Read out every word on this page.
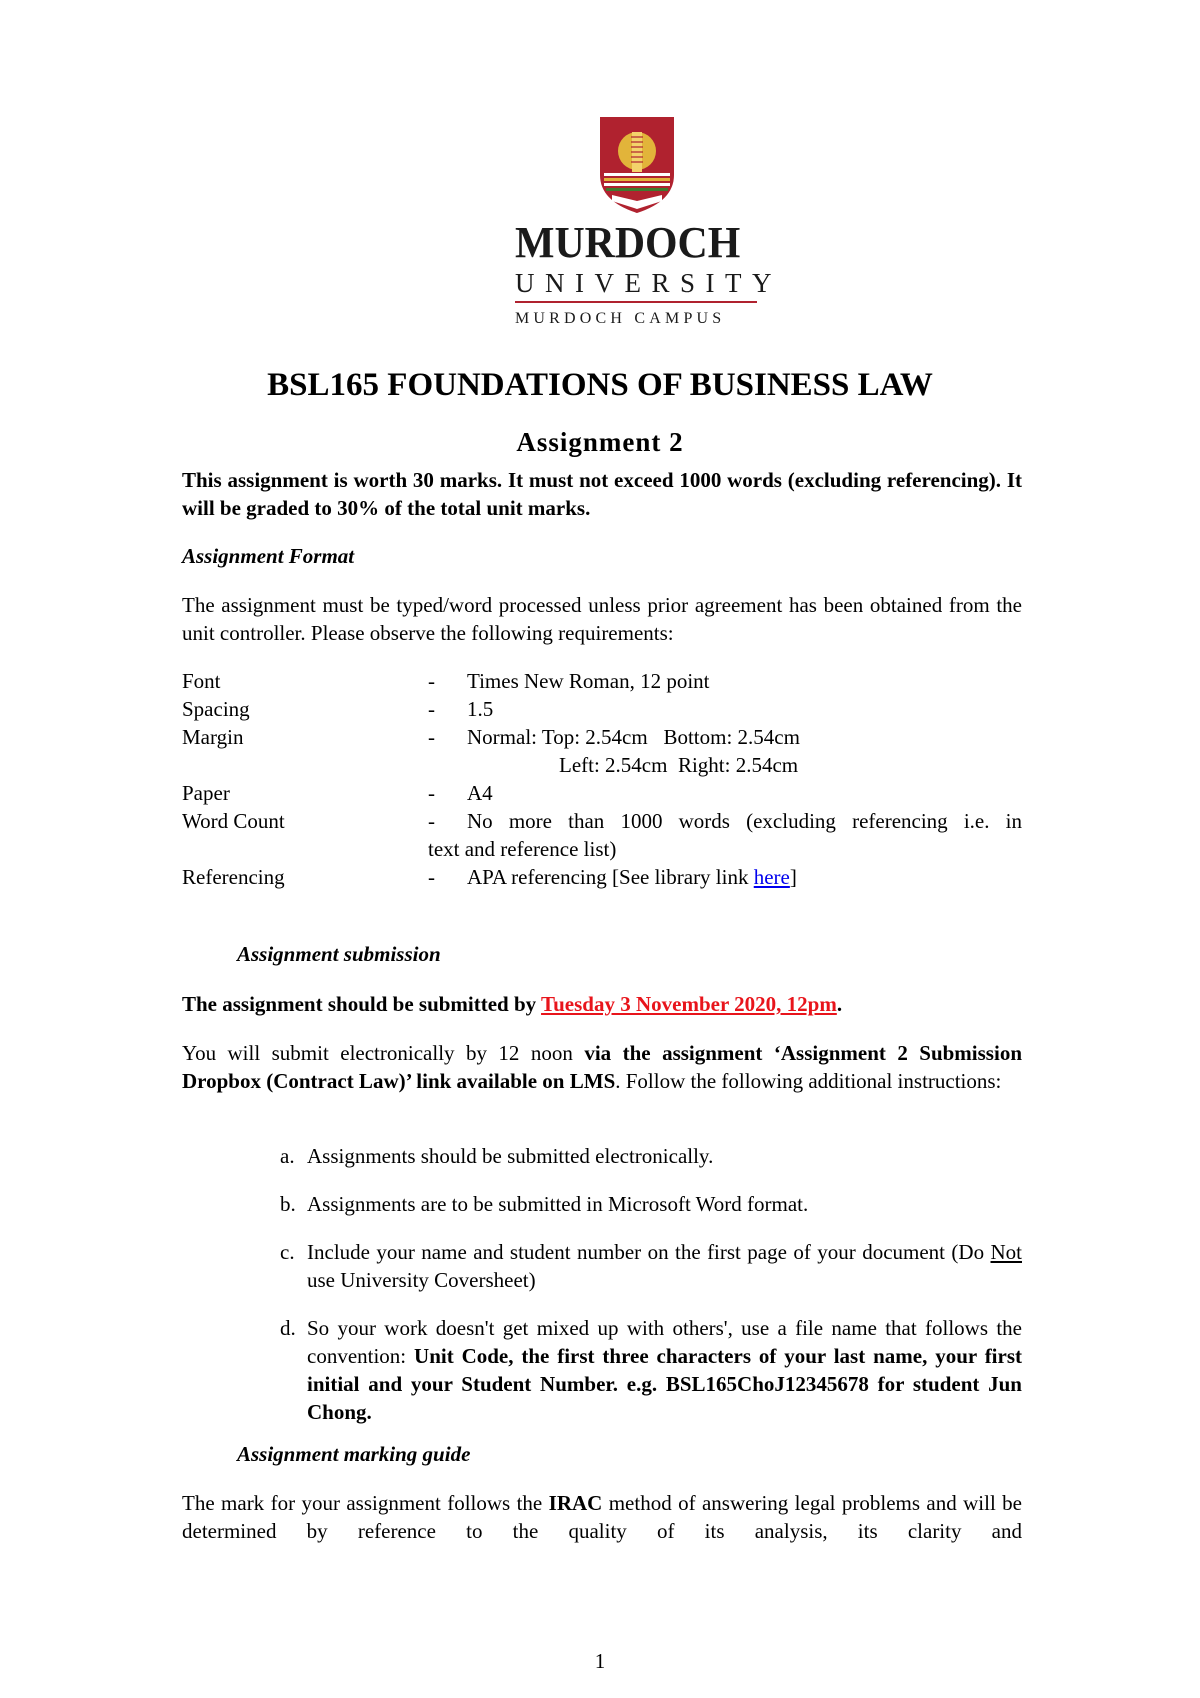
MURDOCH
UNIVERSITY
MURDOCH CAMPUS
BSL165 FOUNDATIONS OF BUSINESS LAW
Assignment 2
This assignment is worth 30 marks. It must not exceed 1000 words (excluding referencing). It will be graded to 30% of the total unit marks.
Assignment Format
The assignment must be typed/word processed unless prior agreement has been obtained from the unit controller. Please observe the following requirements:
Font	- Times New Roman, 12 point
Spacing	- 1.5
Margin	- Normal: Top: 2.54cm   Bottom: 2.54cm
Left: 2.54cm  Right: 2.54cm
Paper	- A4
Word Count	- No more than 1000 words (excluding referencing i.e. in
text and reference list)
Referencing	- APA referencing [See library link here]
Assignment submission
The assignment should be submitted by Tuesday 3 November 2020, 12pm.
You will submit electronically by 12 noon via the assignment ‘Assignment 2 Submission Dropbox (Contract Law)’ link available on LMS. Follow the following additional instructions:
a. Assignments should be submitted electronically.
b. Assignments are to be submitted in Microsoft Word format.
c. Include your name and student number on the first page of your document (Do Not use University Coversheet)
d. So your work doesn't get mixed up with others', use a file name that follows the convention: Unit Code, the first three characters of your last name, your first initial and your Student Number. e.g. BSL165ChoJ12345678 for student Jun Chong.
Assignment marking guide
The mark for your assignment follows the IRAC method of answering legal problems and will be determined by reference to the quality of its analysis, its clarity and
1
